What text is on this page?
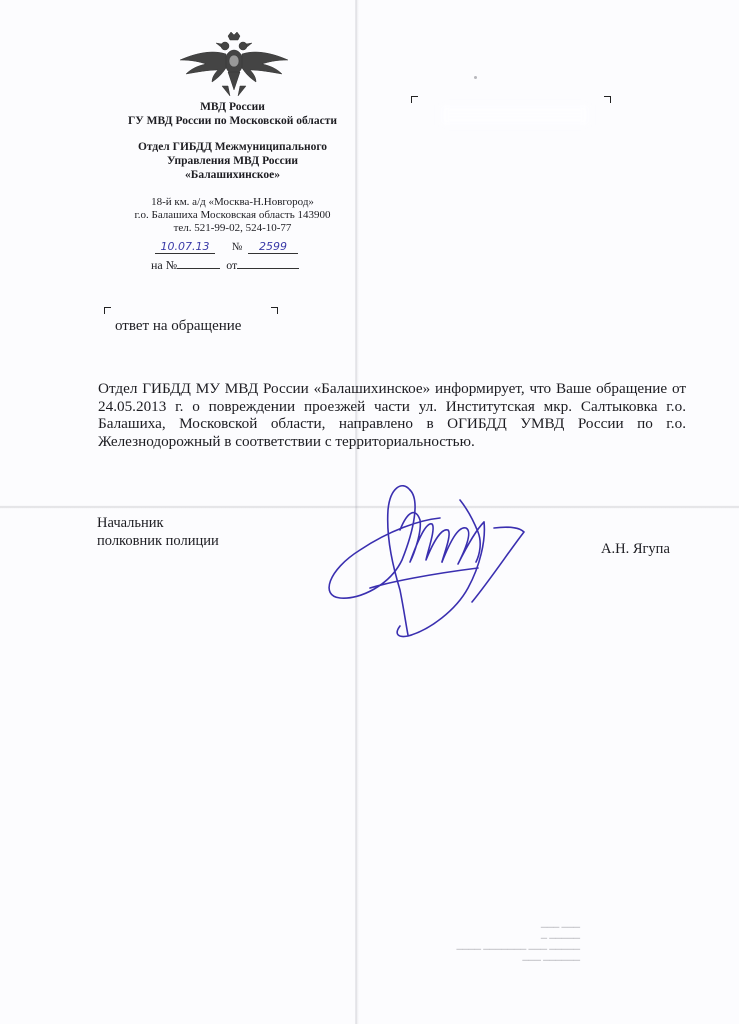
МВД России
ГУ МВД России по Московской области
Отдел ГИБДД Межмуниципального
Управления МВД России
«Балашихинское»
18-й км. а/д «Москва-Н.Новгород»
г.о. Балашиха Московская область 143900
тел. 521-99-02, 524-10-77
10.07.13 № 2599
на №	от
ответ на обращение
Отдел ГИБДД МУ МВД России «Балашихинское» информирует, что Ваше обращение от 24.05.2013 г. о повреждении проезжей части ул. Институтская мкр. Салтыковка г.о. Балашиха, Московской области, направлено в ОГИБДД УМВД России по г.о. Железнодорожный в соответствии с территориальностью.
Начальник
полковник полиции	А.Н. Ягупа
▁▁▁ ▁▁▁
▁ ▁▁▁▁▁
▁▁▁▁ ▁▁▁▁▁▁▁ ▁▁▁ ▁▁▁▁▁
▁▁▁ ▁▁▁▁▁▁
